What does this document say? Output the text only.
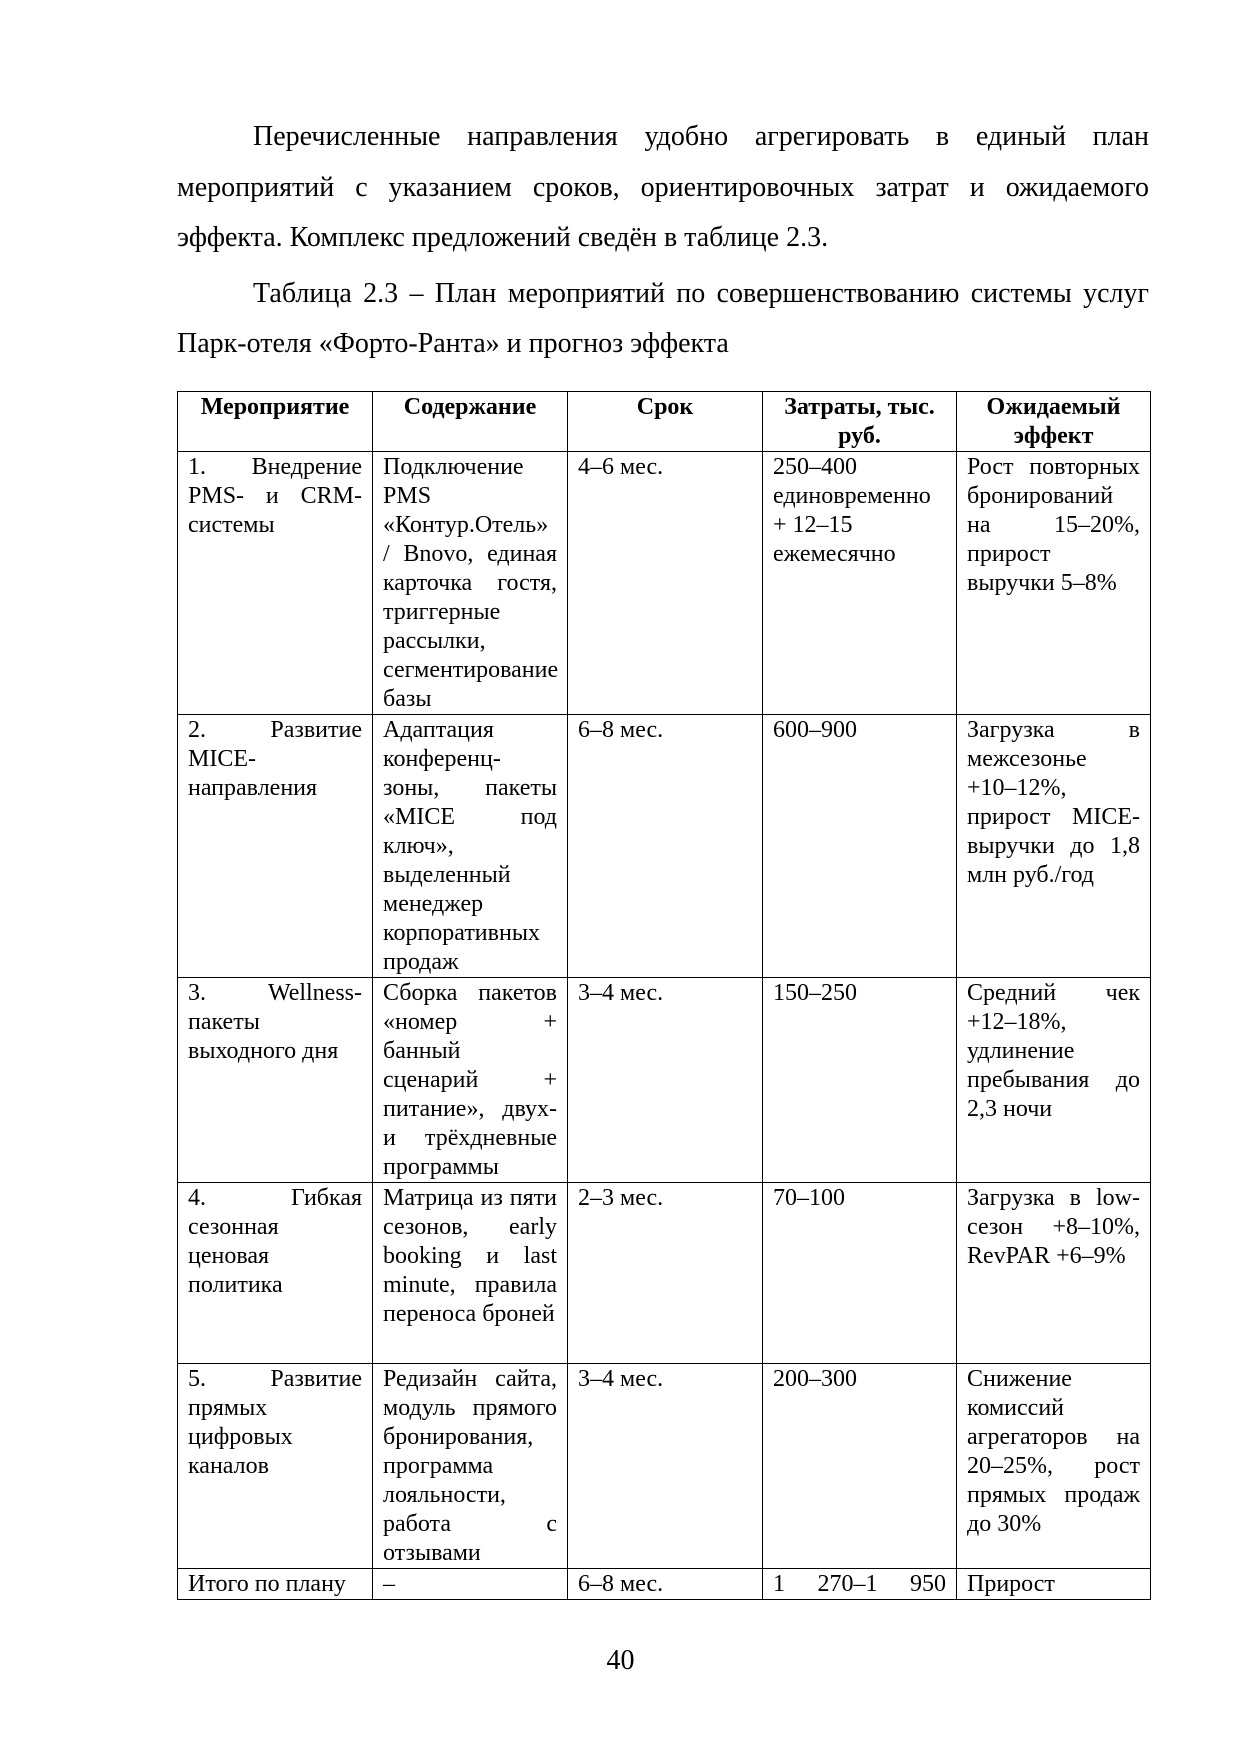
Перечисленные направления удобно агрегировать в единый план мероприятий с указанием сроков, ориентировочных затрат и ожидаемого эффекта. Комплекс предложений сведён в таблице 2.3.

Таблица 2.3 – План мероприятий по совершенствованию системы услуг Парк-отеля «Форто-Ранта» и прогноз эффекта

Мероприятие	Содержание	Срок	Затраты, тыс. руб.	Ожидаемый эффект
1. Внедрение PMS- и CRM-системы	Подключение PMS «Контур.Отель» / Bnovo, единая карточка гостя, триггерные рассылки, сегментирование базы	4–6 мес.	250–400 единовременно + 12–15 ежемесячно	Рост повторных бронирований на 15–20%, прирост выручки 5–8%
2. Развитие MICE-направления	Адаптация конференц-зоны, пакеты «MICE под ключ», выделенный менеджер корпоративных продаж	6–8 мес.	600–900	Загрузка в межсезонье +10–12%, прирост MICE-выручки до 1,8 млн руб./год
3. Wellness-пакеты выходного дня	Сборка пакетов «номер + банный сценарий + питание», двух- и трёхдневные программы	3–4 мес.	150–250	Средний чек +12–18%, удлинение пребывания до 2,3 ночи
4. Гибкая сезонная ценовая политика	Матрица из пяти сезонов, early booking и last minute, правила переноса броней	2–3 мес.	70–100	Загрузка в low-сезон +8–10%, RevPAR +6–9%
5. Развитие прямых цифровых каналов	Редизайн сайта, модуль прямого бронирования, программа лояльности, работа с отзывами	3–4 мес.	200–300	Снижение комиссий агрегаторов на 20–25%, рост прямых продаж до 30%
Итого по плану	–	6–8 мес.	1 270–1 950	Прирост
40
